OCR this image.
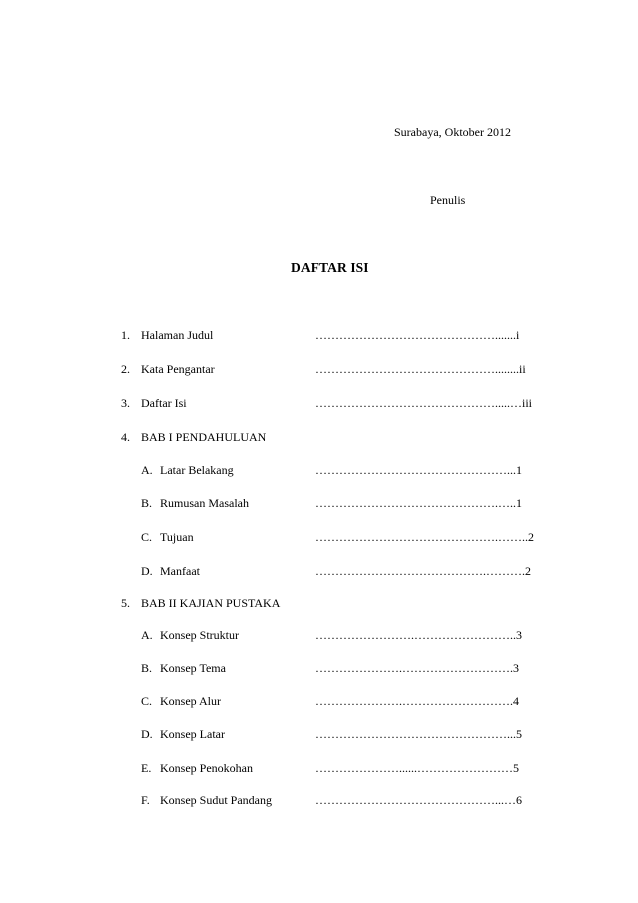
Surabaya, Oktober 2012
Penulis
DAFTAR ISI
1. Halaman Judul	……………………………………….......i
2. Kata Pengantar	………………………………………........ii
3. Daftar Isi	……………………………………….....…iii
4. BAB I PENDAHULUAN
A. Latar Belakang	…………………………………………...1
B. Rumusan Masalah	……………………………………….…..1
C. Tujuan	……………………………………….……..2
D. Manfaat	…………………………………….……….2
5. BAB II KAJIAN PUSTAKA
A. Konsep Struktur	…………………….……………………..3
B. Konsep Tema	………………….……………………….3
C. Konsep Alur	………………….……………………….4
D. Konsep Latar	…………………………………………...5
E. Konsep Penokohan	…………………......……………………5
F. Konsep Sudut Pandang	………………………………………...…6
